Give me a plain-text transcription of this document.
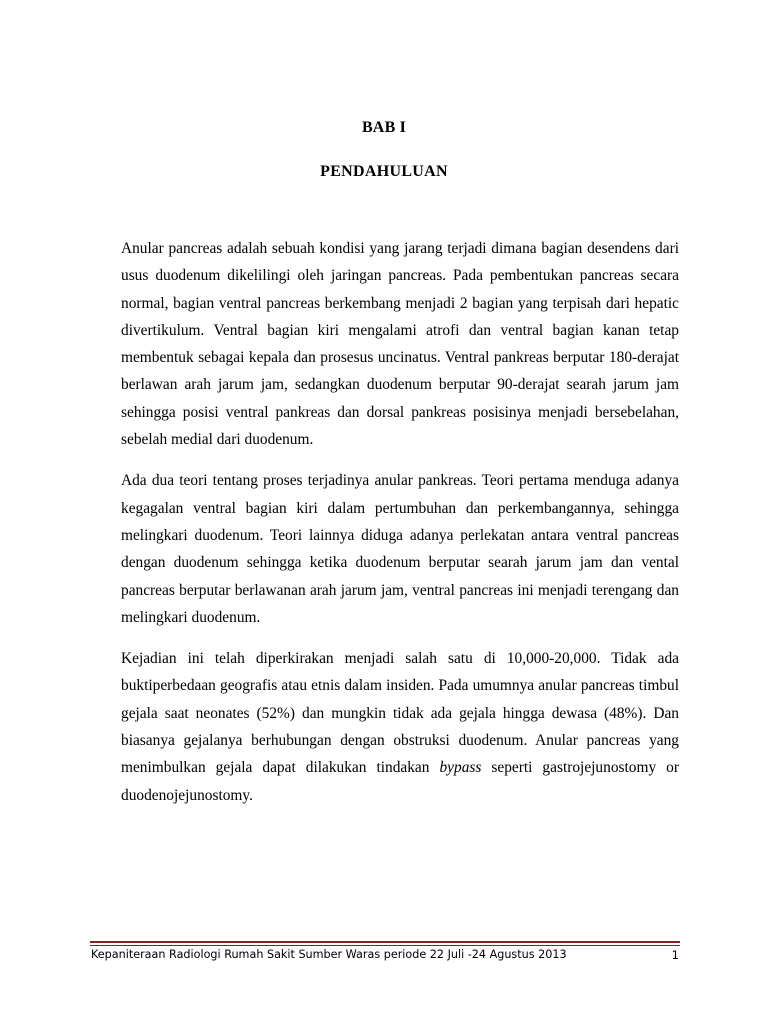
BAB I
PENDAHULUAN

Anular pancreas adalah sebuah kondisi yang jarang terjadi dimana bagian desendens dari usus duodenum dikelilingi oleh jaringan pancreas. Pada pembentukan pancreas secara normal, bagian ventral pancreas berkembang menjadi 2 bagian yang terpisah dari hepatic divertikulum. Ventral bagian kiri mengalami atrofi dan ventral bagian kanan tetap membentuk sebagai kepala dan prosesus uncinatus. Ventral pankreas berputar 180-derajat berlawan arah jarum jam, sedangkan duodenum berputar 90-derajat searah jarum jam sehingga posisi ventral pankreas dan dorsal pankreas posisinya menjadi bersebelahan, sebelah medial dari duodenum.

Ada dua teori tentang proses terjadinya anular pankreas. Teori pertama menduga adanya kegagalan ventral bagian kiri dalam pertumbuhan dan perkembangannya, sehingga melingkari duodenum. Teori lainnya diduga adanya perlekatan antara ventral pancreas dengan duodenum sehingga ketika duodenum berputar searah jarum jam dan vental pancreas berputar berlawanan arah jarum jam, ventral pancreas ini menjadi terengang dan melingkari duodenum.

Kejadian ini telah diperkirakan menjadi salah satu di 10,000-20,000. Tidak ada buktiperbedaan geografis atau etnis dalam insiden. Pada umumnya anular pancreas timbul gejala saat neonates (52%) dan mungkin tidak ada gejala hingga dewasa (48%). Dan biasanya gejalanya berhubungan dengan obstruksi duodenum. Anular pancreas yang menimbulkan gejala dapat dilakukan tindakan bypass seperti gastrojejunostomy or duodenojejunostomy.

Kepaniteraan Radiologi Rumah Sakit Sumber Waras periode 22 Juli -24 Agustus 2013	1
